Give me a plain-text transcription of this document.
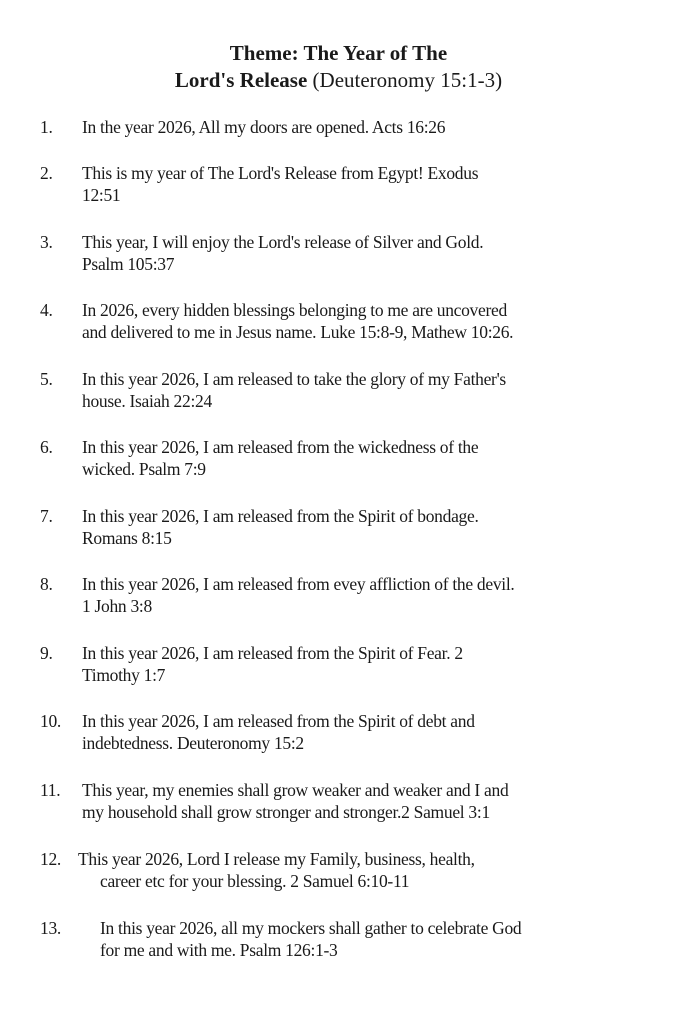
Theme: The Year of The
Lord's Release (Deuteronomy 15:1-3)
1. In the year 2026, All my doors are opened. Acts 16:26
2. This is my year of The Lord's Release from Egypt! Exodus
12:51
3. This year, I will enjoy the Lord's release of Silver and Gold.
Psalm 105:37
4. In 2026, every hidden blessings belonging to me are uncovered
and delivered to me in Jesus name. Luke 15:8-9, Mathew 10:26.
5. In this year 2026, I am released to take the glory of my Father's
house. Isaiah 22:24
6. In this year 2026, I am released from the wickedness of the
wicked. Psalm 7:9
7. In this year 2026, I am released from the Spirit of bondage.
Romans 8:15
8. In this year 2026, I am released from evey affliction of the devil.
1 John 3:8
9. In this year 2026, I am released from the Spirit of Fear. 2
Timothy 1:7
10. In this year 2026, I am released from the Spirit of debt and
indebtedness. Deuteronomy 15:2
11. This year, my enemies shall grow weaker and weaker and I and
my household shall grow stronger and stronger.2 Samuel 3:1
12. This year 2026, Lord I release my Family, business, health,
career etc for your blessing. 2 Samuel 6:10-11
13. In this year 2026, all my mockers shall gather to celebrate God
for me and with me. Psalm 126:1-3
